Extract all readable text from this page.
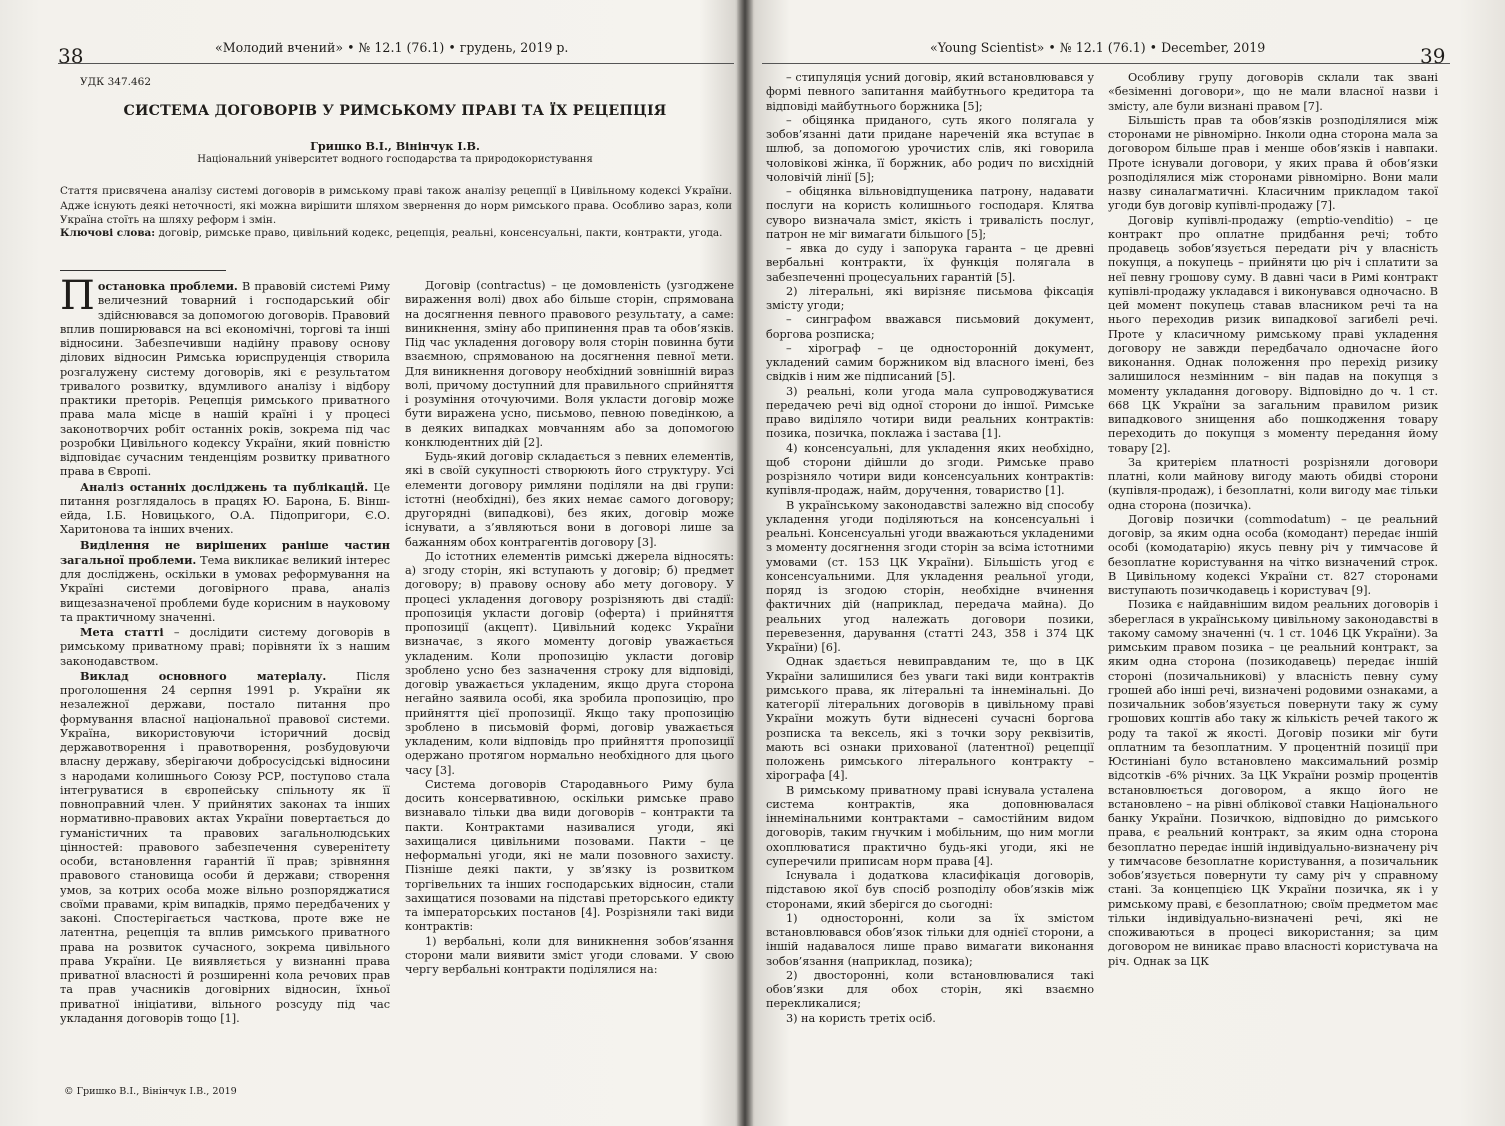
38	«Молодий вчений» • № 12.1 (76.1) • грудень, 2019 р.
УДК 347.462
СИСТЕМА ДОГОВОРІВ У РИМСЬКОМУ ПРАВІ ТА ЇХ РЕЦЕПЦІЯ
Гришко В.І., Вінінчук І.В.
Національний університет водного господарства та природокористування
Стаття присвячена аналізу системі договорів в римському праві також аналізу рецепції в Цивільному кодексі України. Адже існують деякі неточності, які можна вирішити шляхом звернення до норм римського права. Особливо зараз, коли Україна стоїть на шляху реформ і змін.
Ключові слова: договір, римське право, цивільний кодекс, рецепція, реальні, консенсуальні, пакти, контракти, угода.

Постановка проблеми. В правовій системі Риму величезний товарний і господарський обіг здійснювався за допомогою договорів. Правовий вплив поширювався на всі економічні, торгові та інші відносини. Забезпечивши надійну правову основу ділових відносин Римська юриспруденція створила розгалужену систему договорів, які є результатом тривалого розвитку, вдумливого аналізу і відбору практики преторів. Рецепція римського приватного права мала місце в нашій країні і у процесі законотворчих робіт останніх років, зокрема під час розробки Цивільного кодексу України, який повністю відповідає сучасним тенденціям розвитку приватного права в Європі.

Аналіз останніх досліджень та публікацій. Це питання розглядалось в працях Ю. Барона, Б. Віншейда, І.Б. Новицького, О.А. Підопригори, Є.О. Харитонова та інших вчених.

Виділення не вирішених раніше частин загальної проблеми. Тема викликає великий інтерес для досліджень, оскільки в умовах реформування на Україні системи договірного права, аналіз вищезазначеної проблеми буде корисним в науковому та практичному значенні.

Мета статті – дослідити систему договорів в римському приватному праві; порівняти їх з нашим законодавством.

Виклад основного матеріалу. Після проголошення 24 серпня 1991 р. України як незалежної держави, постало питання про формування власної національної правової системи. Україна, використовуючи історичний досвід державотворення і правотворення, розбудовуючи власну державу, зберігаючи добросусідські відносини з народами колишнього Союзу РСР, поступово стала інтегруватися в європейську спільноту як її повноправний член. У прийнятих законах та інших нормативно-правових актах України повертається до гуманістичних та правових загальнолюдських цінностей: правового забезпечення суверенітету особи, встановлення гарантій її прав; зрівняння правового становища особи й держави; створення умов, за котрих особа може вільно розпоряджатися своїми правами, крім випадків, прямо передбачених у законі. Спостерігається часткова, проте вже не латентна, рецепція та вплив римського приватного права на розвиток сучасного, зокрема цивільного права України. Це виявляється у визнанні права приватної власності й розширенні кола речових прав та прав учасників договірних відносин, їхньої приватної ініціативи, вільного розсуду під час укладання договорів тощо [1].

Договір (contractus) – це домовленість (узгоджене вираження волі) двох або більше сторін, спрямована на досягнення певного правового результату, а саме: виникнення, зміну або припинення прав та обов’язків. Під час укладення договору воля сторін повинна бути взаємною, спрямованою на досягнення певної мети. Для виникнення договору необхідний зовнішній вираз волі, причому доступний для правильного сприйняття і розуміння оточуючими. Воля укласти договір може бути виражена усно, письмово, певною поведінкою, а в деяких випадках мовчанням або за допомогою конклюдентних дій [2].

Будь-який договір складається з певних елементів, які в своїй сукупності створюють його структуру. Усі елементи договору римляни поділяли на дві групи: істотні (необхідні), без яких немає самого договору; другорядні (випадкові), без яких, договір може існувати, а з’являються вони в договорі лише за бажанням обох контрагентів договору [3].

До істотних елементів римські джерела відносять: а) згоду сторін, які вступають у договір; б) предмет договору; в) правову основу або мету договору. У процесі укладення договору розрізняють дві стадії: пропозиція укласти договір (оферта) і прийняття пропозиції (акцепт). Цивільний кодекс України визначає, з якого моменту договір уважається укладеним. Коли пропозицію укласти договір зроблено усно без зазначення строку для відповіді, договір уважається укладеним, якщо друга сторона негайно заявила особі, яка зробила пропозицію, про прийняття цієї пропозиції. Якщо таку пропозицію зроблено в письмовій формі, договір уважається укладеним, коли відповідь про прийняття пропозиції одержано протягом нормально необхідного для цього часу [3].

Система договорів Стародавнього Риму була досить консервативною, оскільки римське право визнавало тільки два види договорів – контракти та пакти. Контрактами називалися угоди, які захищалися цивільними позовами. Пакти – це неформальні угоди, які не мали позовного захисту. Пізніше деякі пакти, у зв’язку із розвитком торгівельних та інших господарських відносин, стали захищатися позовами на підставі преторського едикту та імператорських постанов [4]. Розрізняли такі види контрактів:

1) вербальні, коли для виникнення зобов’язання сторони мали виявити зміст угоди словами. У свою чергу вербальні контракти поділялися на:

© Гришко В.І., Вінінчук І.В., 2019
«Young Scientist» • № 12.1 (76.1) • December, 2019	39

– стипуляція усний договір, який встановлювався у формі певного запитання майбутнього кредитора та відповіді майбутнього боржника [5];

– обіцянка приданого, суть якого полягала у зобов’язанні дати придане нареченій яка вступає в шлюб, за допомогою урочистих слів, які говорила чоловікові жінка, її боржник, або родич по висхідній чоловічій лінії [5];

– обіцянка вільновідпущеника патрону, надавати послуги на користь колишнього господаря. Клятва суворо визначала зміст, якість і тривалість послуг, патрон не міг вимагати більшого [5];

– явка до суду і запорука гаранта – це древні вербальні контракти, їх функція полягала в забезпеченні процесуальних гарантій [5].

2) літеральні, які вирізняє письмова фіксація змісту угоди;

– синграфом вважався письмовий документ, боргова розписка;

– хірограф – це односторонній документ, укладений самим боржником від власного імені, без свідків і ним же підписаний [5].

3) реальні, коли угода мала супроводжуватися передачею речі від одної сторони до іншої. Римське право виділяло чотири види реальних контрактів: позика, позичка, поклажа і застава [1].

4) консенсуальні, для укладення яких необхідно, щоб сторони дійшли до згоди. Римське право розрізняло чотири види консенсуальних контрактів: купівля-продаж, найм, доручення, товариство [1].

В українському законодавстві залежно від способу укладення угоди поділяються на консенсуальні і реальні. Консенсуальні угоди вважаються укладеними з моменту досягнення згоди сторін за всіма істотними умовами (ст. 153 ЦК України). Більшість угод є консенсуальними. Для укладення реальної угоди, поряд із згодою сторін, необхідне вчинення фактичних дій (наприклад, передача майна). До реальних угод належать договори позики, перевезення, дарування (статті 243, 358 і 374 ЦК України) [6].

Однак здається невиправданим те, що в ЦК України залишилися без уваги такі види контрактів римського права, як літеральні та іннемінальні. До категорії літеральних договорів в цивільному праві України можуть бути віднесені сучасні боргова розписка та вексель, які з точки зору реквізитів, мають всі ознаки прихованої (латентної) рецепції положень римського літерального контракту – хірографа [4].

В римському приватному праві існувала усталена система контрактів, яка доповнювалася іннемінальними контрактами – самостійним видом договорів, таким гнучким і мобільним, що ним могли охоплюватися практично будь-які угоди, які не суперечили приписам норм права [4].

Існувала і додаткова класифікація договорів, підставою якої був спосіб розподілу обов’язків між сторонами, який зберігся до сьогодні:

1) односторонні, коли за їх змістом встановлювався обов’язок тільки для однієї сторони, а іншій надавалося лише право вимагати виконання зобов’язання (наприклад, позика);

2) двосторонні, коли встановлювалися такі обов’язки для обох сторін, які взаємно перекликалися;

3) на користь третіх осіб.

Особливу групу договорів склали так звані «безіменні договори», що не мали власної назви і змісту, але були визнані правом [7].

Більшість прав та обов’язків розподілялися між сторонами не рівномірно. Інколи одна сторона мала за договором більше прав і менше обов’язків і навпаки. Проте існували договори, у яких права й обов’язки розподілялися між сторонами рівномірно. Вони мали назву синалагматичні. Класичним прикладом такої угоди був договір купівлі-продажу [7].

Договір купівлі-продажу (emptio-venditio) – це контракт про оплатне придбання речі; тобто продавець зобов’язується передати річ у власність покупця, а покупець – прийняти цю річ і сплатити за неї певну грошову суму. В давні часи в Римі контракт купівлі-продажу укладався і виконувався одночасно. В цей момент покупець ставав власником речі та на нього переходив ризик випадкової загибелі речі. Проте у класичному римському праві укладення договору не завжди передбачало одночасне його виконання. Однак положення про перехід ризику залишилося незмінним – він падав на покупця з моменту укладання договору. Відповідно до ч. 1 ст. 668 ЦК України за загальним правилом ризик випадкового знищення або пошкодження товару переходить до покупця з моменту передання йому товару [2].

За критерієм платності розрізняли договори платні, коли майнову вигоду мають обидві сторони (купівля-продаж), і безоплатні, коли вигоду має тільки одна сторона (позичка).

Договір позички (commodatum) – це реальний договір, за яким одна особа (комодант) передає іншій особі (комодатарію) якусь певну річ у тимчасове й безоплатне користування на чітко визначений строк. В Цивільному кодексі України ст. 827 сторонами виступають позичкодавець і користувач [9].

Позика є найдавнішим видом реальних договорів і збереглася в українському цивільному законодавстві в такому самому значенні (ч. 1 ст. 1046 ЦК України). За римським правом позика – це реальний контракт, за яким одна сторона (позикодавець) передає іншій стороні (позичальникові) у власність певну суму грошей або інші речі, визначені родовими ознаками, а позичальник зобов’язується повернути таку ж суму грошових коштів або таку ж кількість речей такого ж роду та такої ж якості. Договір позики міг бути оплатним та безоплатним. У процентній позиції при Юстиніані було встановлено максимальний розмір відсотків -6% річних. За ЦК України розмір процентів встановлюється договором, а якщо його не встановлено – на рівні облікової ставки Національного банку України. Позичкою, відповідно до римського права, є реальний контракт, за яким одна сторона безоплатно передає іншій індивідуально-визначену річ у тимчасове безоплатне користування, а позичальник зобов’язується повернути ту саму річ у справному стані. За концепцією ЦК України позичка, як і у римському праві, є безоплатною; своїм предметом має тільки індивідуально-визначені речі, які не споживаються в процесі використання; за цим договором не виникає право власності користувача на річ. Однак за ЦК
